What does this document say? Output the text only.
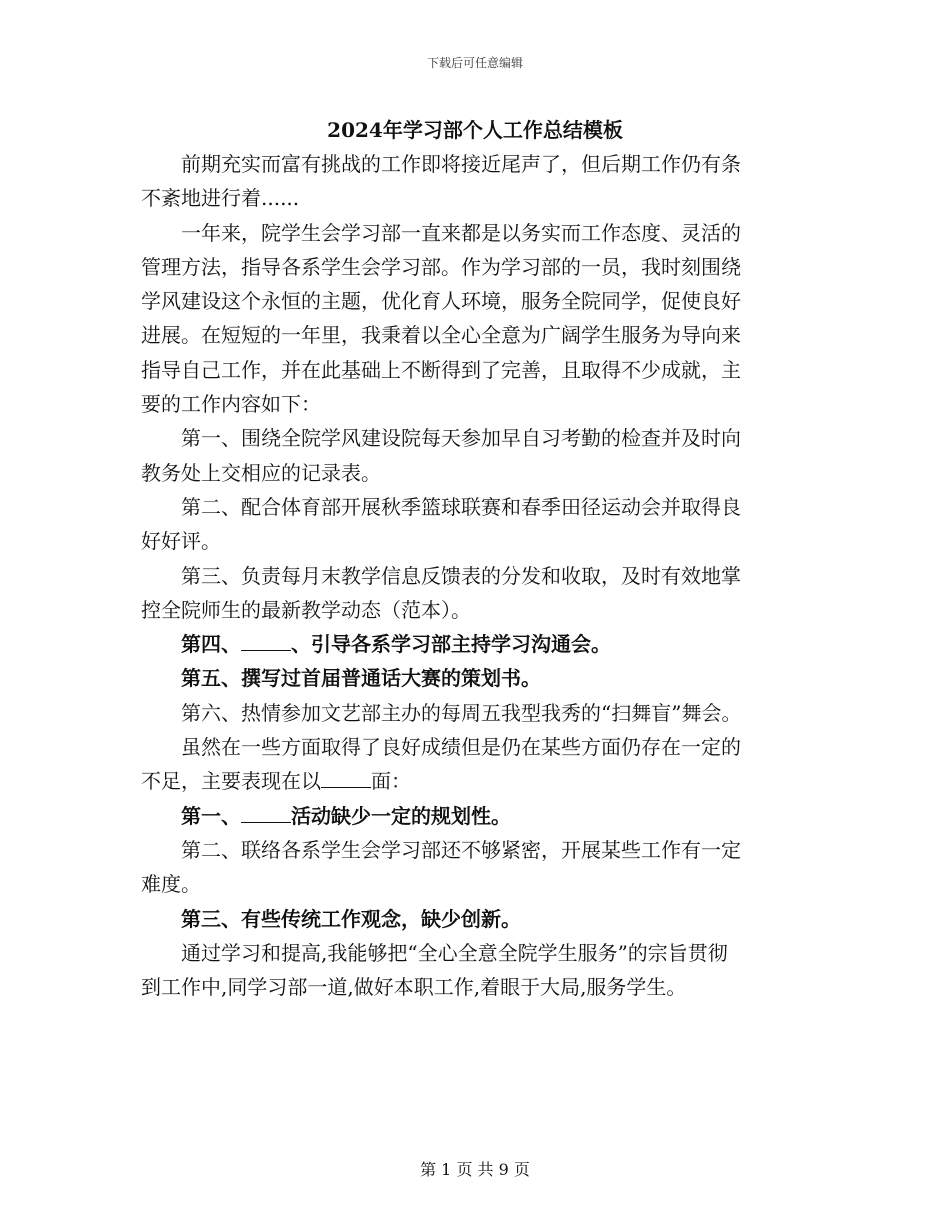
下载后可任意编辑
2024年学习部个人工作总结模板

前期充实而富有挑战的工作即将接近尾声了，但后期工作仍有条

不紊地进行着......

一年来，院学生会学习部一直来都是以务实而工作态度、灵活的

管理方法，指导各系学生会学习部。作为学习部的一员，我时刻围绕

学风建设这个永恒的主题，优化育人环境，服务全院同学，促使良好

进展。在短短的一年里，我秉着以全心全意为广阔学生服务为导向来

指导自己工作，并在此基础上不断得到了完善，且取得不少成就，主

要的工作内容如下：

第一、围绕全院学风建设院每天参加早自习考勤的检查并及时向

教务处上交相应的记录表。

第二、配合体育部开展秋季篮球联赛和春季田径运动会并取得良

好好评。

第三、负责每月末教学信息反馈表的分发和收取，及时有效地掌

控全院师生的最新教学动态（范本）。

第四、	、引导各系学习部主持学习沟通会。

第五、撰写过首届普通话大赛的策划书。

第六、热情参加文艺部主办的每周五我型我秀的“扫舞盲”舞会。

虽然在一些方面取得了良好成绩但是仍在某些方面仍存在一定的

不足，主要表现在以	面：

第一、	活动缺少一定的规划性。

第二、联络各系学生会学习部还不够紧密，开展某些工作有一定

难度。

第三、有些传统工作观念，缺少创新。

通过学习和提高,我能够把“全心全意全院学生服务”的宗旨贯彻

到工作中,同学习部一道,做好本职工作,着眼于大局,服务学生。

第 1 页 共 9 页
